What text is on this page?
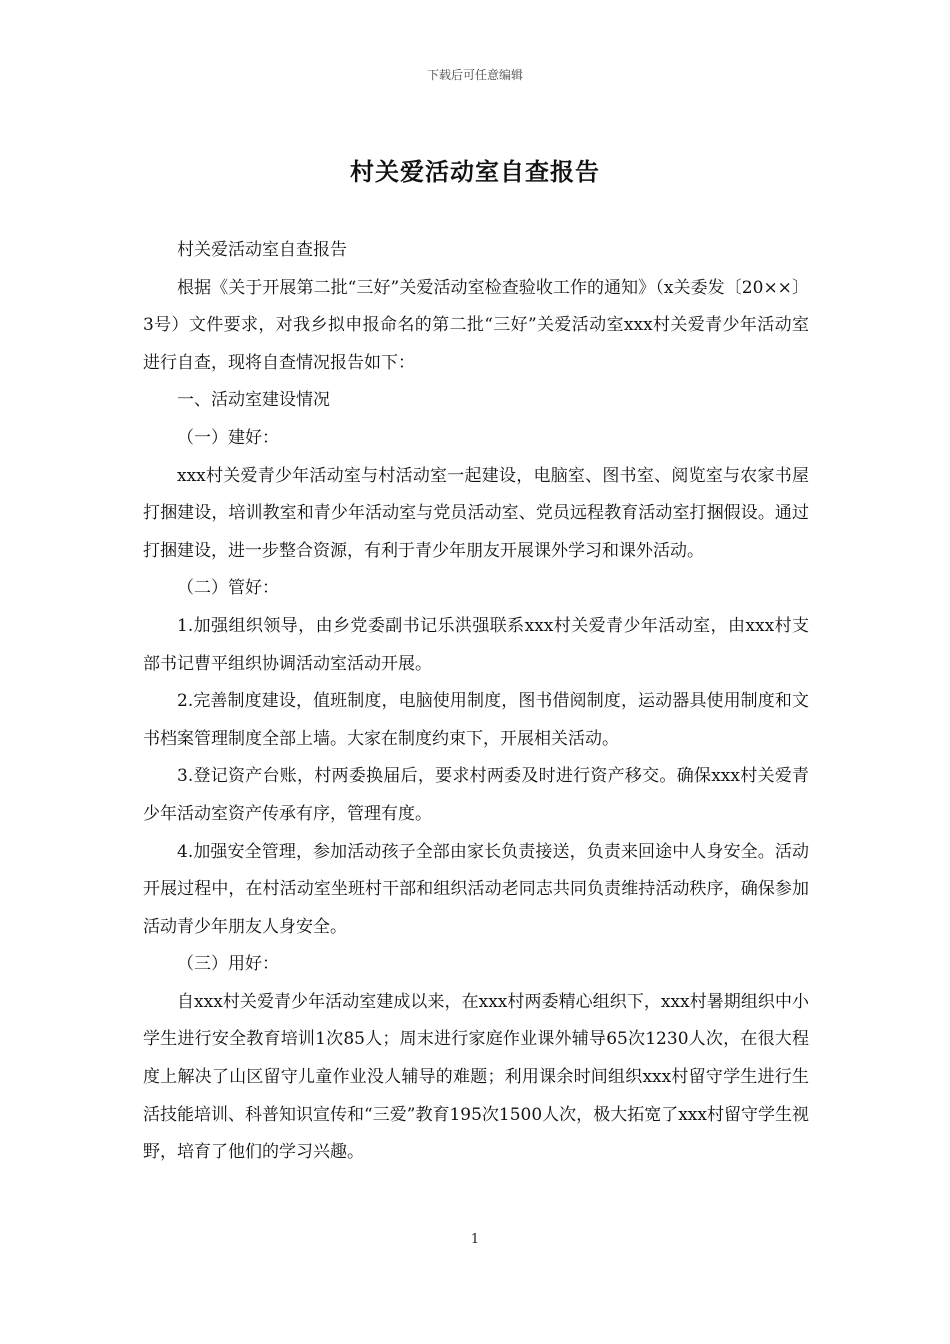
下载后可任意编辑
村关爱活动室自查报告

村关爱活动室自查报告

根据《关于开展第二批“三好”关爱活动室检查验收工作的通知》（x关委发〔20××〕3号）文件要求，对我乡拟申报命名的第二批“三好”关爱活动室xxx村关爱青少年活动室进行自查，现将自查情况报告如下：

一、活动室建设情况

（一）建好：

xxx村关爱青少年活动室与村活动室一起建设，电脑室、图书室、阅览室与农家书屋打捆建设，培训教室和青少年活动室与党员活动室、党员远程教育活动室打捆假设。通过打捆建设，进一步整合资源，有利于青少年朋友开展课外学习和课外活动。

（二）管好：

1.加强组织领导，由乡党委副书记乐洪强联系xxx村关爱青少年活动室，由xxx村支部书记曹平组织协调活动室活动开展。

2.完善制度建设，值班制度，电脑使用制度，图书借阅制度，运动器具使用制度和文书档案管理制度全部上墙。大家在制度约束下，开展相关活动。

3.登记资产台账，村两委换届后，要求村两委及时进行资产移交。确保xxx村关爱青少年活动室资产传承有序，管理有度。

4.加强安全管理，参加活动孩子全部由家长负责接送，负责来回途中人身安全。活动开展过程中，在村活动室坐班村干部和组织活动老同志共同负责维持活动秩序，确保参加活动青少年朋友人身安全。

（三）用好：

自xxx村关爱青少年活动室建成以来，在xxx村两委精心组织下，xxx村暑期组织中小学生进行安全教育培训1次85人；周末进行家庭作业课外辅导65次1230人次，在很大程度上解决了山区留守儿童作业没人辅导的难题；利用课余时间组织xxx村留守学生进行生活技能培训、科普知识宣传和“三爱”教育195次1500人次，极大拓宽了xxx村留守学生视野，培育了他们的学习兴趣。

1
